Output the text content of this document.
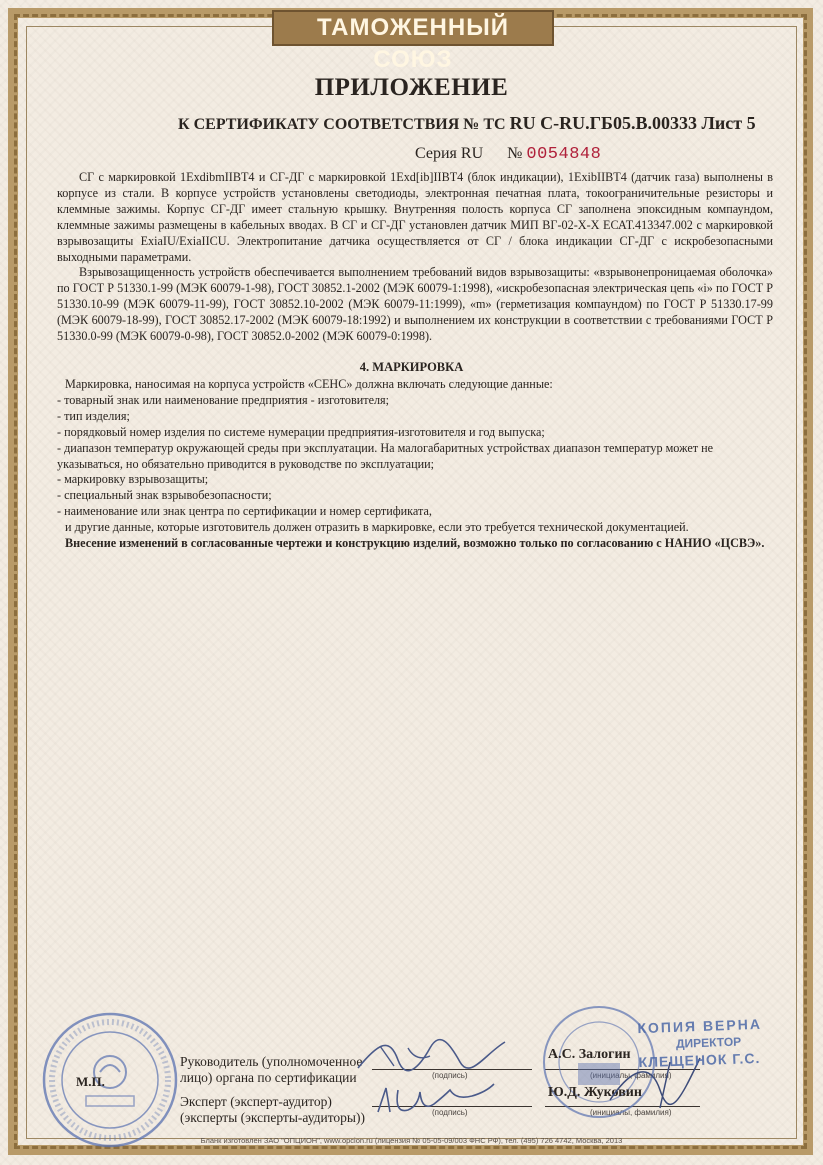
ТАМОЖЕННЫЙ СОЮЗ
ПРИЛОЖЕНИЕ
К СЕРТИФИКАТУ СООТВЕТСТВИЯ № ТС RU C-RU.ГБ05.В.00333 Лист 5
Серия RU № 0054848

СГ с маркировкой 1ExdibmIIBT4 и СГ-ДГ с маркировкой 1Exd[ib]IIBT4 (блок индикации), 1ExibIIBT4 (датчик газа) выполнены в корпусе из стали. В корпусе устройств установлены светодиоды, электронная печатная плата, токоограничительные резисторы и клеммные зажимы. Корпус СГ-ДГ имеет стальную крышку. Внутренняя полость корпуса СГ заполнена эпоксидным компаундом, клеммные зажимы размещены в кабельных вводах. В СГ и СГ-ДГ установлен датчик МИП ВГ-02-Х-Х ЕСАТ.413347.002 с маркировкой взрывозащиты ExiaIU/ExiaIICU. Электропитание датчика осуществляется от СГ / блока индикации СГ-ДГ с искробезопасными выходными параметрами.

Взрывозащищенность устройств обеспечивается выполнением требований видов взрывозащиты: «взрывонепроницаемая оболочка» по ГОСТ Р 51330.1-99 (МЭК 60079-1-98), ГОСТ 30852.1-2002 (МЭК 60079-1:1998), «искробезопасная электрическая цепь «i» по ГОСТ Р 51330.10-99 (МЭК 60079-11-99), ГОСТ 30852.10-2002 (МЭК 60079-11:1999), «m» (герметизация компаундом) по ГОСТ Р 51330.17-99 (МЭК 60079-18-99), ГОСТ 30852.17-2002 (МЭК 60079-18:1992) и выполнением их конструкции в соответствии с требованиями ГОСТ Р 51330.0-99 (МЭК 60079-0-98), ГОСТ 30852.0-2002 (МЭК 60079-0:1998).

4. МАРКИРОВКА

Маркировка, наносимая на корпуса устройств «СЕНС» должна включать следующие данные:

- товарный знак или наименование предприятия - изготовителя;

- тип изделия;

- порядковый номер изделия по системе нумерации предприятия-изготовителя и год выпуска;

- диапазон температур окружающей среды при эксплуатации. На малогабаритных устройствах диапазон температур может не указываться, но обязательно приводится в руководстве по эксплуатации;

- маркировку взрывозащиты;

- специальный знак взрывобезопасности;

- наименование или знак центра по сертификации и номер сертификата,

и другие данные, которые изготовитель должен отразить в маркировке, если это требуется технической документацией.

Внесение изменений в согласованные чертежи и конструкцию изделий, возможно только по согласованию с НАНИО «ЦСВЭ».

М.П.
Руководитель (уполномоченное
лицо) органа по сертификации
Эксперт (эксперт-аудитор)
(эксперты (эксперты-аудиторы))
(подпись)	(инициалы, фамилия)
(подпись)	(инициалы, фамилия)
А.С. Залогин
Ю.Д. Жуковин
КОПИЯ ВЕРНА
ДИРЕКТОР
КЛЕЩЕНОК Г.С.
Бланк изготовлен ЗАО "ОПЦИОН", www.opcion.ru (лицензия № 05-05-09/003 ФНС РФ), тел. (495) 726 4742, Москва, 2013
